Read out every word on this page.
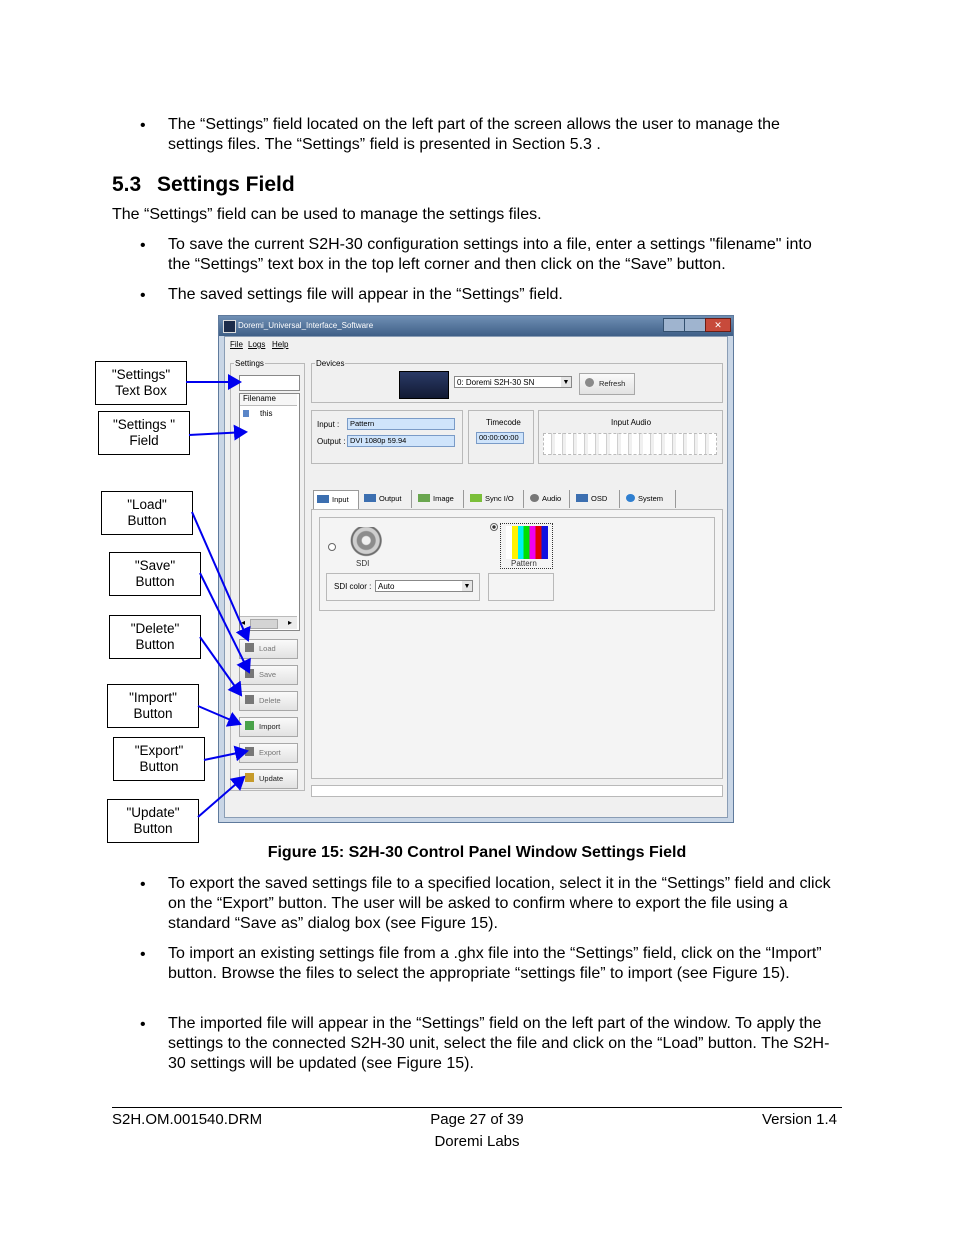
• The “Settings” field located on the left part of the screen allows the user to manage the settings files. The “Settings” field is presented in Section 5.3 .
5.3 Settings Field
The “Settings” field can be used to manage the settings files.
• To save the current S2H-30 configuration settings into a file, enter a settings "filename" into the “Settings” text box in the top left corner and then click on the “Save” button.
• The saved settings file will appear in the “Settings” field.
Doremi_Universal_Interface_Software	✕
File Logs Help
Settings
Filename
this
◂	▸
Load
Save
Delete
Import
Export
Update
Devices
0: Doremi S2H-30 SN	▼	Refresh
Input :	Pattern
Output : DVI 1080p 59.94
Timecode
00:00:00:00
Input Audio
Input	Output	Image	Sync I/O	Audio	OSD	System
SDI	Pattern
SDI color : Auto	▼
"Settings"
Text Box
"Settings "
Field
"Load"
Button
"Save"
Button
"Delete"
Button
"Import"
Button
"Export"
Button
"Update"
Button
Figure 15: S2H-30 Control Panel Window Settings Field
• To export the saved settings file to a specified location, select it in the “Settings” field and click on the “Export” button. The user will be asked to confirm where to export the file using a standard “Save as” dialog box (see Figure 15).
• To import an existing settings file from a .ghx file into the “Settings” field, click on the “Import” button. Browse the files to select the appropriate “settings file” to import (see Figure 15).
• The imported file will appear in the “Settings” field on the left part of the window. To apply the settings to the connected S2H-30 unit, select the file and click on the “Load” button. The S2H-30 settings will be updated (see Figure 15).
S2H.OM.001540.DRM	Page 27 of 39
Doremi Labs
Version 1.4
